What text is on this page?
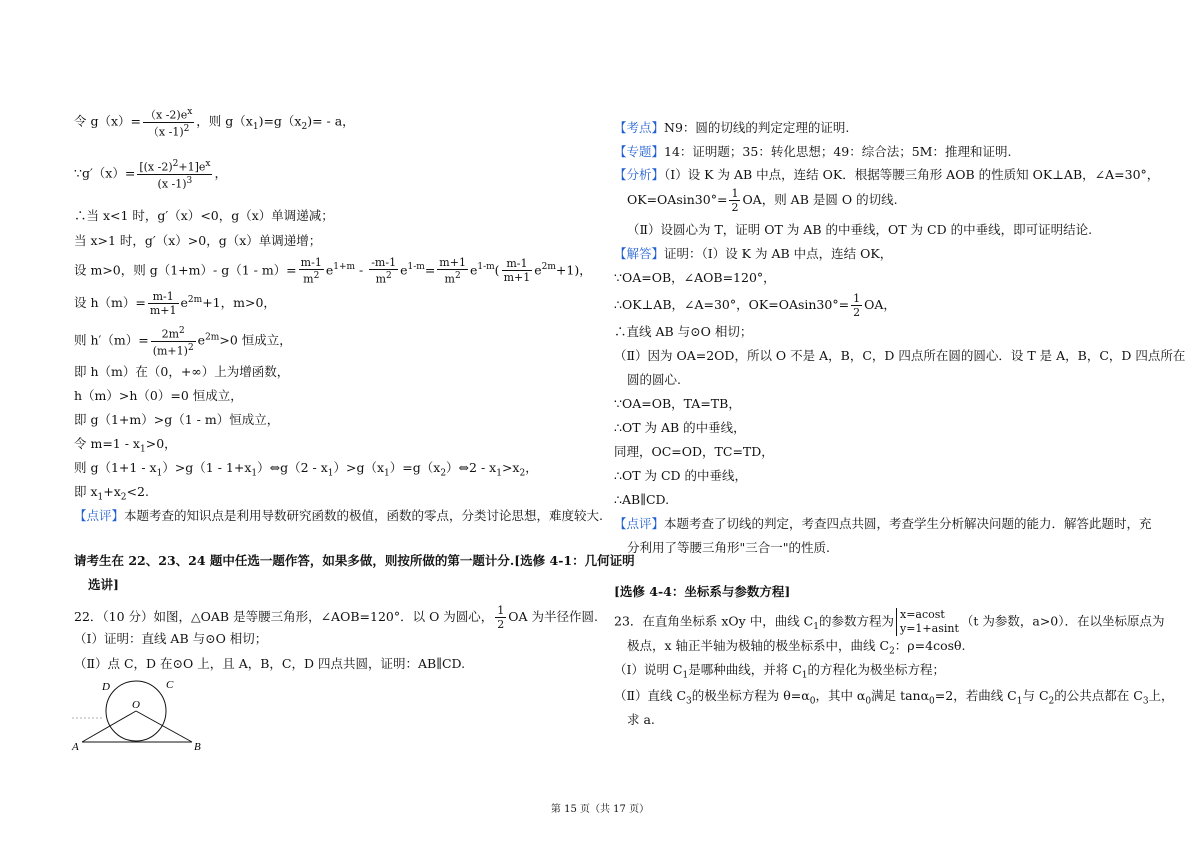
令 $g(x)= \frac{(x -2)e^x}{(x -1)^2}$ ，则 $g(x_1)=g(x_2)= - a$，
∵g′（x）= $\frac{[(x -2)^2+1]e^x}{(x -1)^3}$ ，
∴当 x<1 时，g′（x）<0，g（x）单调递减；
当 x>1 时，g′（x）>0，g（x）单调递增；
设 m>0，则 g（1+m）- $g(1 - m)= \frac{m-1}{m^2} e^{1+m} - \frac{-m-1}{m^2} e^{1-m}= \frac{m+1}{m^2} e^{1-m}( \frac{m-1}{m+1} e^{2m}+1)$，
设 $h(m)= \frac{m-1}{m+1} e^{2m}+1$，m>0，
则 $h'(m)= \frac{2m^2}{(m+1)^2} e^{2m}>0$ 恒成立，
即 h（m）在（0，+∞）上为增函数，
h（m）>h（0）=0 恒成立，
即 g（1+m）>g（1 - m）恒成立，
令 $m=1 - x_1>0$，
则 $g(1+1 - x_1)>g(1$ - $1+x_1)\Leftrightarrow g(2$ - $x_1)>g(x_1)=g(x_2)\Leftrightarrow 2 - x_1>x_2$，
即 $x_1+x_2<2$.
【点评】本题考查的知识点是利用导数研究函数的极值，函数的零点，分类讨论思想，难度较大.
请考生在 22、23、24 题中任选一题作答，如果多做，则按所做的第一题计分.[选修 4-1：几何证明
选讲]
22．（10 分）如图，△OAB 是等腰三角形，∠AOB=120°．以 O 为圆心， $\frac{1}{2}$ OA 为半径作圆.
（Ⅰ）证明：直线 AB 与⊙O 相切；
（Ⅱ）点 C，D 在⊙O 上，且 A，B，C，D 四点共圆，证明：AB∥CD.
D	C
O
A	B
【考点】N9：圆的切线的判定定理的证明.
【专题】14：证明题；35：转化思想；49：综合法；5M：推理和证明.
【分析】（Ⅰ）设 K 为 AB 中点，连结 OK．根据等腰三角形 AOB 的性质知 OK⊥AB，∠A=30°，
$OK=OAsin30^\circ= \frac{1}{2}$ OA，则 AB 是圆 O 的切线.
（Ⅱ）设圆心为 T，证明 OT 为 AB 的中垂线，OT 为 CD 的中垂线，即可证明结论.
【解答】证明：（Ⅰ）设 K 为 AB 中点，连结 OK，
∵OA=OB，∠AOB=120°，
∴OK⊥AB，∠A=30°，$OK=OAsin30^\circ= \frac{1}{2}$ OA，
∴直线 AB 与⊙O 相切；
（Ⅱ）因为 OA=2OD，所以 O 不是 A，B，C，D 四点所在圆的圆心．设 T 是 A，B，C，D 四点所在
圆的圆心.
∵OA=OB，TA=TB，
∴OT 为 AB 的中垂线，
同理，OC=OD，TC=TD，
∴OT 为 CD 的中垂线，
∴AB∥CD.
【点评】本题考查了切线的判定，考查四点共圆，考查学生分析解决问题的能力．解答此题时，充
分利用了等腰三角形"三合一"的性质.
[选修 4-4：坐标系与参数方程]
23．在直角坐标系 xOy 中，曲线 $C_1$的参数方程为 x=acost
y=1+asint （t 为参数，a>0）．在以坐标原点为
极点，x 轴正半轴为极轴的极坐标系中，曲线 $C_2$：ρ=4cosθ.
（Ⅰ）说明 $C_1$是哪种曲线，并将 $C_1$的方程化为极坐标方程；
（Ⅱ）直线 $C_3$的极坐标方程为 $\theta=\alpha_0$，其中 $\alpha_0$满足 tanα$_0$=2，若曲线 $C_1$与 $C_2$的公共点都在 $C_3$上，
求 a.
第 15 页（共 17 页）
